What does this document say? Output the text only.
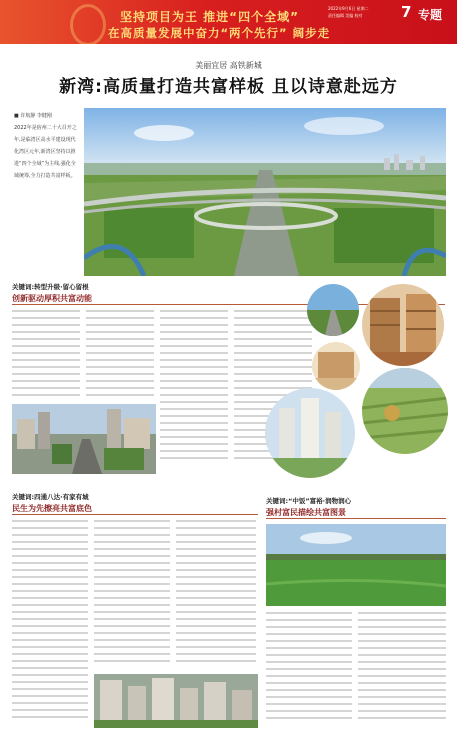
坚持项目为王 推进“四个全域”
在高质量发展中奋力“两个先行” 阔步走
2022年9月6日 星期二
责任编辑 美编 校对	7 专题
美丽宜居 高铁新城
新湾:高质量打造共富样板 且以诗意赴远方
■ 许航静 李健刚
2022年是宿州二十大召开之年,是临湾区高水平建设现代化湾区元年,新湾区坚持以推进“四个全域”为主线,强化全域统筹,全力打造共富样板。
关键词:转型升级·留心留根
创新驱动厚积共富动能
关键词:四通八达·有家有城
民生为先擦亮共富底色
关键词:“中饭”富裕·润物润心
强村富民描绘共富图景
